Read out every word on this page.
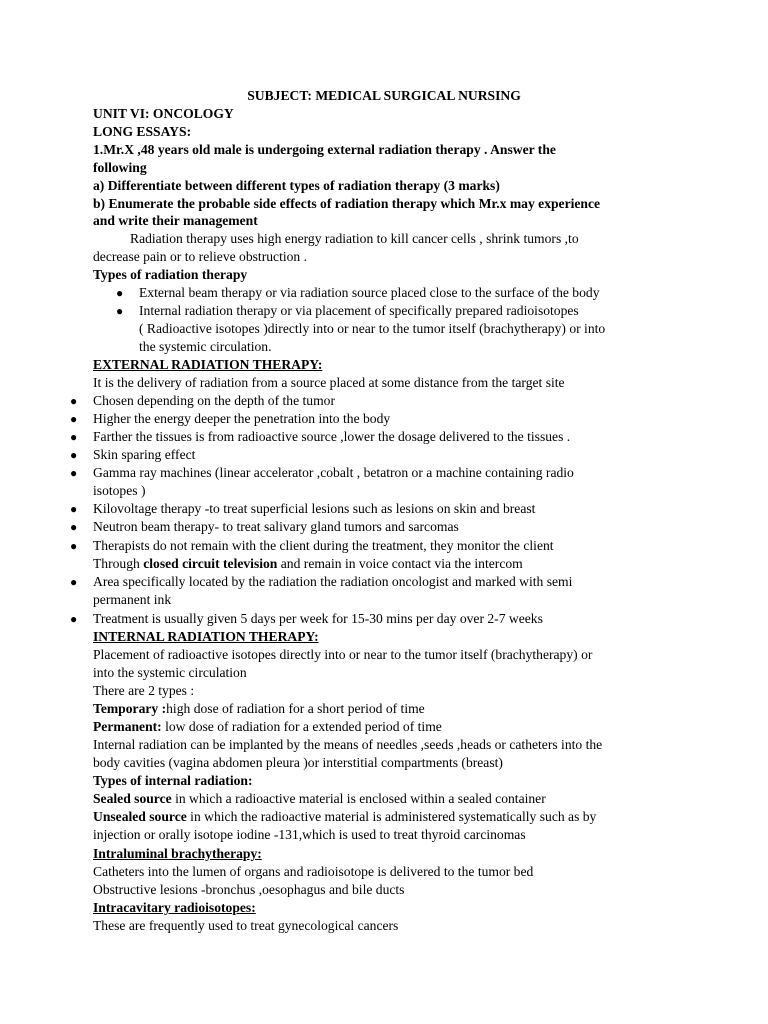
SUBJECT: MEDICAL SURGICAL NURSING
UNIT VI: ONCOLOGY
LONG ESSAYS:
1.Mr.X ,48 years old male is undergoing external radiation therapy . Answer the
following
a) Differentiate between different types of radiation therapy (3 marks)
b) Enumerate the probable side effects of radiation therapy which Mr.x may experience
and write their management
Radiation therapy uses high energy radiation to kill cancer cells , shrink tumors ,to
decrease pain or to relieve obstruction .
Types of radiation therapy
● External beam therapy or via radiation source placed close to the surface of the body
● Internal radiation therapy or via placement of specifically prepared radioisotopes
( Radioactive isotopes )directly into or near to the tumor itself (brachytherapy) or into
the systemic circulation.
EXTERNAL RADIATION THERAPY:
It is the delivery of radiation from a source placed at some distance from the target site
● Chosen depending on the depth of the tumor
● Higher the energy deeper the penetration into the body
● Farther the tissues is from radioactive source ,lower the dosage delivered to the tissues .
● Skin sparing effect
● Gamma ray machines (linear accelerator ,cobalt , betatron or a machine containing radio
isotopes )
● Kilovoltage therapy -to treat superficial lesions such as lesions on skin and breast
● Neutron beam therapy- to treat salivary gland tumors and sarcomas
● Therapists do not remain with the client during the treatment, they monitor the client
Through closed circuit television and remain in voice contact via the intercom
● Area specifically located by the radiation the radiation oncologist and marked with semi
permanent ink
● Treatment is usually given 5 days per week for 15-30 mins per day over 2-7 weeks
INTERNAL RADIATION THERAPY:
Placement of radioactive isotopes directly into or near to the tumor itself (brachytherapy) or
into the systemic circulation
There are 2 types :
Temporary :high dose of radiation for a short period of time
Permanent: low dose of radiation for a extended period of time
Internal radiation can be implanted by the means of needles ,seeds ,heads or catheters into the
body cavities (vagina abdomen pleura )or interstitial compartments (breast)
Types of internal radiation:
Sealed source in which a radioactive material is enclosed within a sealed container
Unsealed source in which the radioactive material is administered systematically such as by
injection or orally isotope iodine -131,which is used to treat thyroid carcinomas
Intraluminal brachytherapy:
Catheters into the lumen of organs and radioisotope is delivered to the tumor bed
Obstructive lesions -bronchus ,oesophagus and bile ducts
Intracavitary radioisotopes:
These are frequently used to treat gynecological cancers
